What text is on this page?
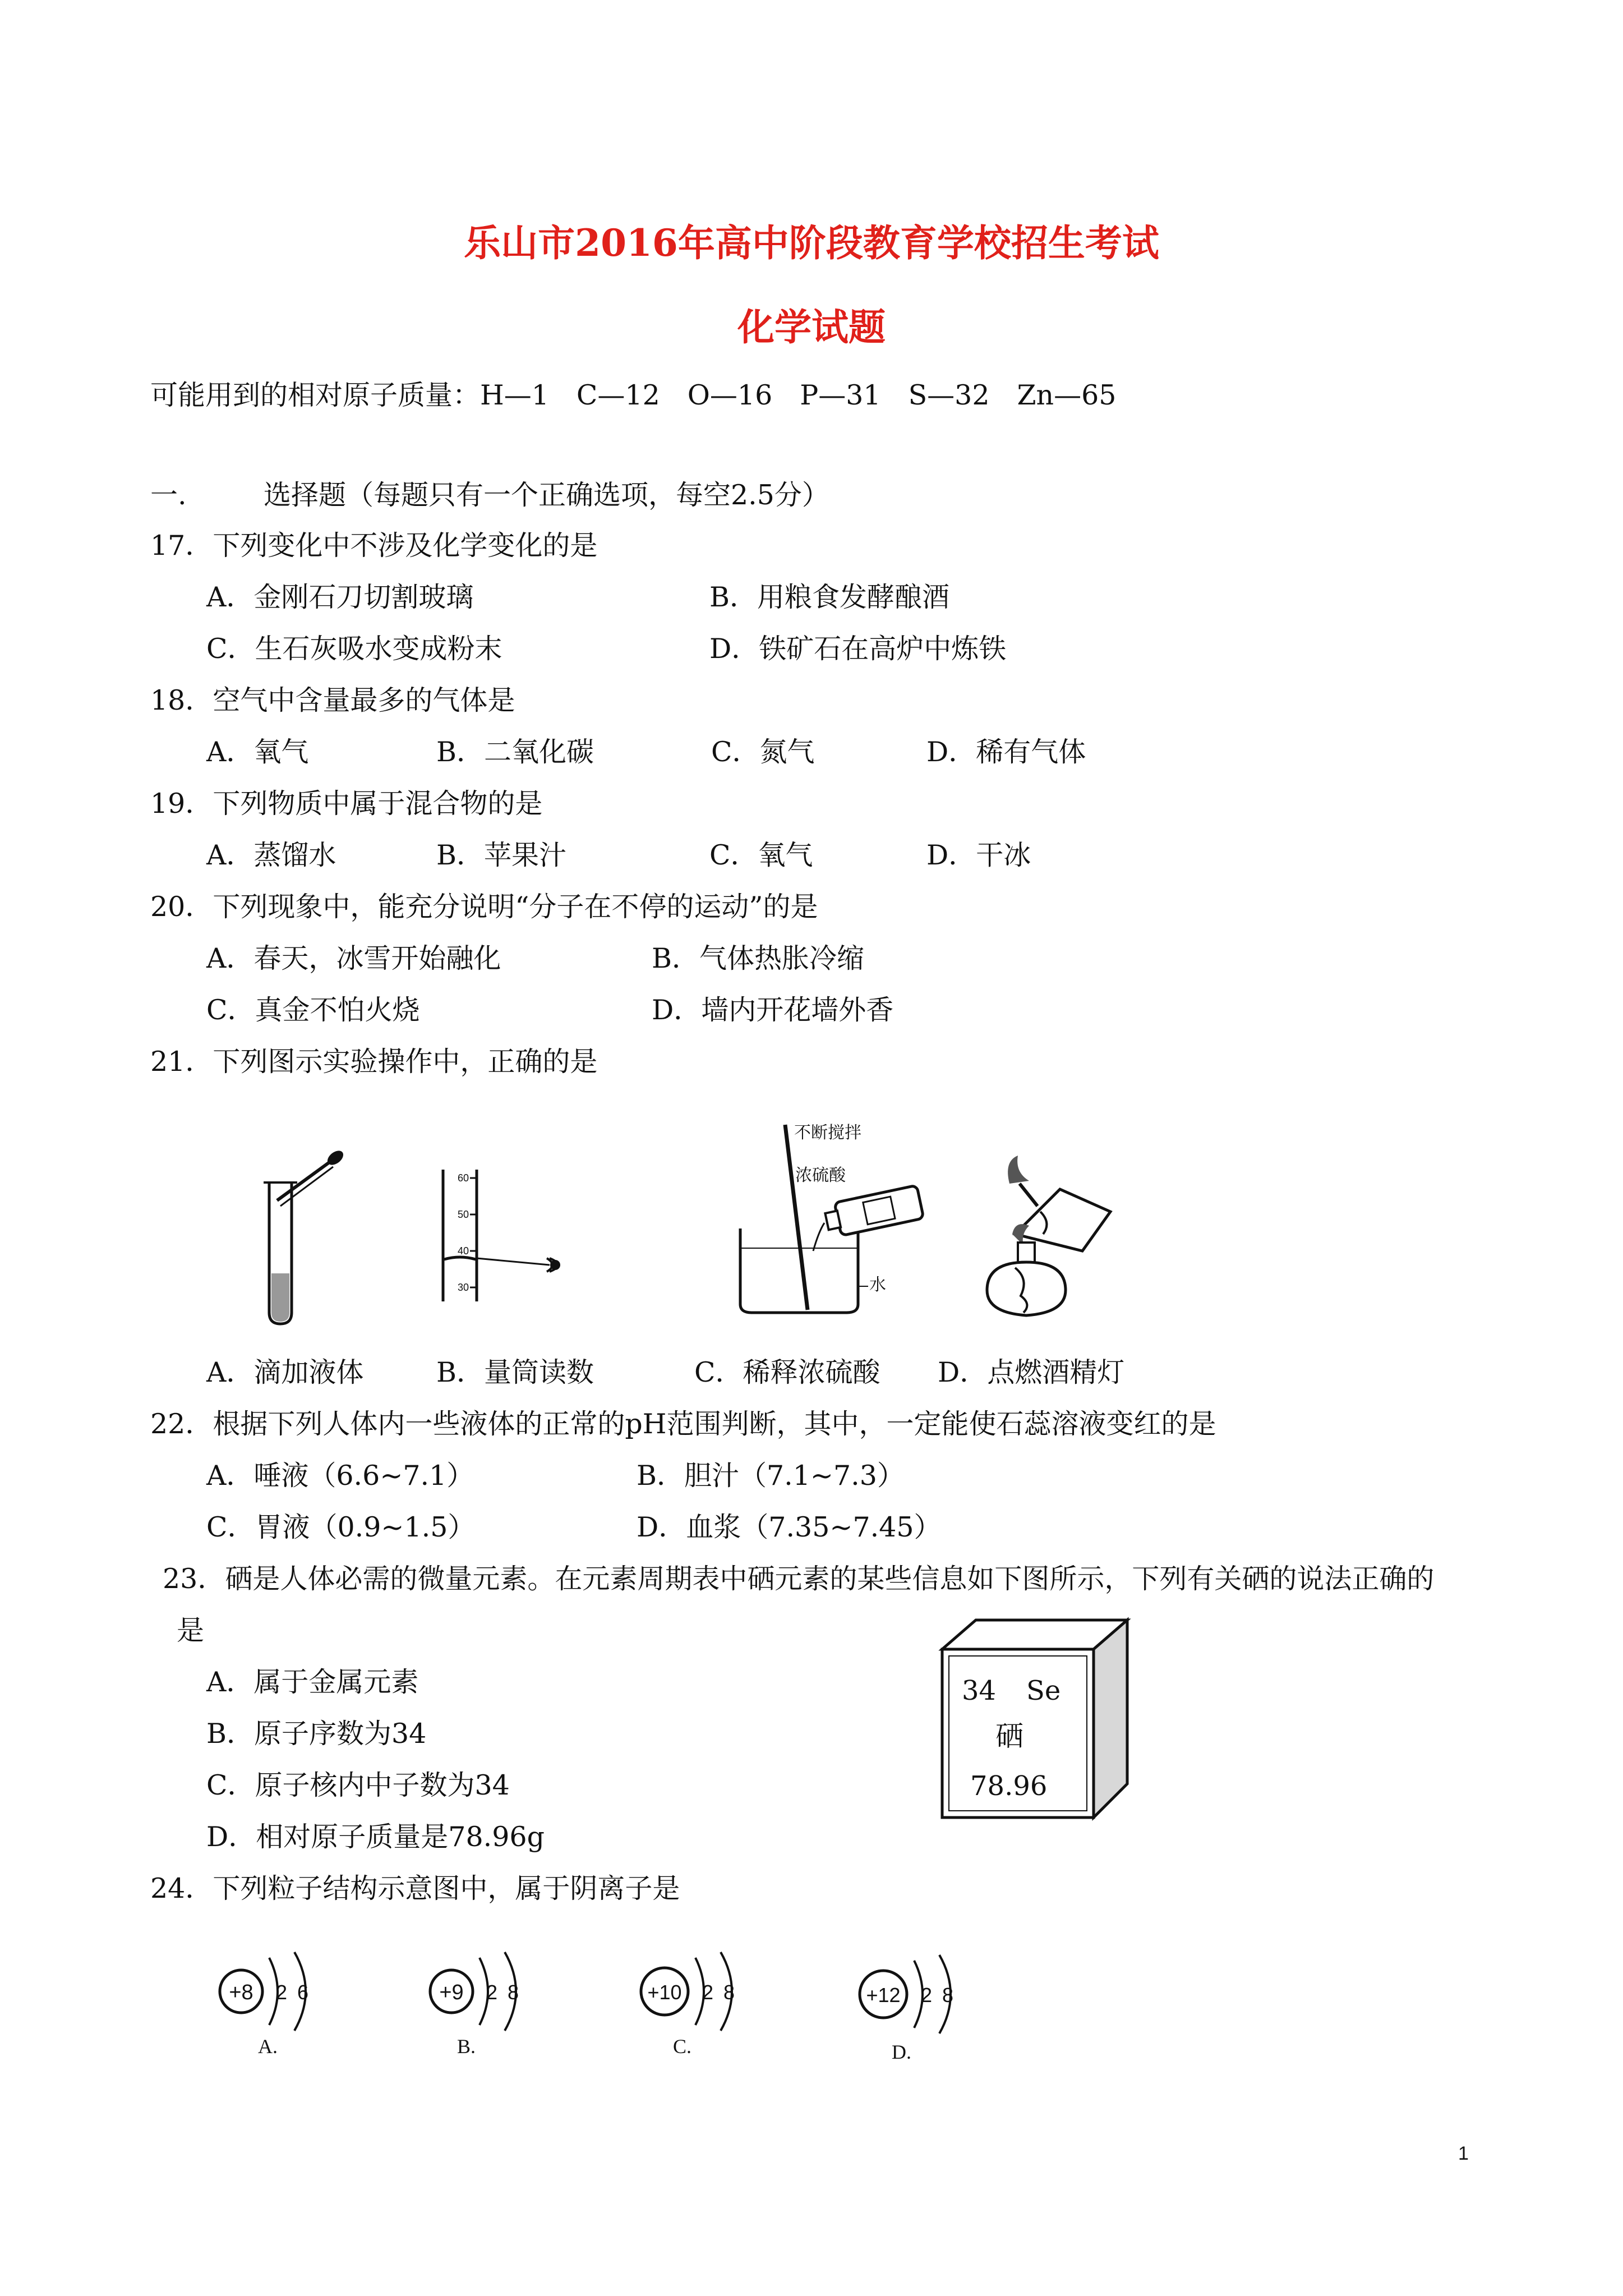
乐山市2016年高中阶段教育学校招生考试
化学试题
可能用到的相对原子质量：H—1　C—12　O—16　P—31　S—32　Zn—65
一.	选择题（每题只有一个正确选项，每空2.5分）
17．下列变化中不涉及化学变化的是
A．金刚石刀切割玻璃	B．用粮食发酵酿酒
C．生石灰吸水变成粉末	D．铁矿石在高炉中炼铁
18．空气中含量最多的气体是
A．氧气	B．二氧化碳	C．氮气	D．稀有气体
19．下列物质中属于混合物的是
A．蒸馏水	B．苹果汁	C．氧气	D．干冰
20．下列现象中，能充分说明“分子在不停的运动”的是
A．春天，冰雪开始融化	B．气体热胀冷缩
C．真金不怕火烧	D．墙内开花墙外香
21．下列图示实验操作中，正确的是
60
50
40
30
不断搅拌
浓硫酸
水
A．滴加液体	B．量筒读数	C．稀释浓硫酸 D．点燃酒精灯
22．根据下列人体内一些液体的正常的pH范围判断，其中，一定能使石蕊溶液变红的是
A．唾液（6.6~7.1）	B．胆汁（7.1~7.3）
C．胃液（0.9~1.5）	D．血浆（7.35~7.45）
23．硒是人体必需的微量元素。在元素周期表中硒元素的某些信息如下图所示，下列有关硒的说法正确的
是
A．属于金属元素
B．原子序数为34
C．原子核内中子数为34
D．相对原子质量是78.96g
34 Se
硒
78.96
24．下列粒子结构示意图中，属于阴离子是
+8 2 6
A.
+9 2 8
B.
+10 2 8
C.
+12 2 8
D.
1
